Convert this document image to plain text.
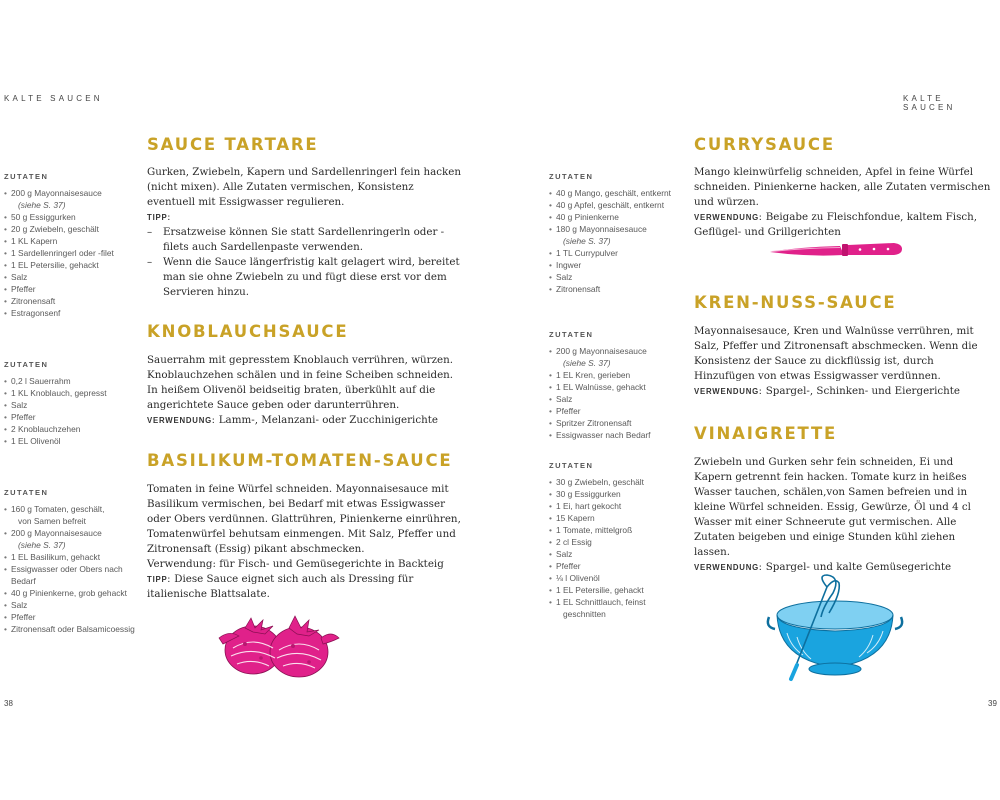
KALTE SAUCEN
38
ZUTATEN
• 200 g Mayonnaisesauce
(siehe S. 37)
• 50 g Essiggurken
• 20 g Zwiebeln, geschält
• 1 KL Kapern
• 1 Sardellenringerl oder -filet
• 1 EL Petersilie, gehackt
• Salz
• Pfeffer
• Zitronensaft
• Estragonsenf
ZUTATEN
• 0,2 l Sauerrahm
• 1 KL Knoblauch, gepresst
• Salz
• Pfeffer
• 2 Knoblauchzehen
• 1 EL Olivenöl
ZUTATEN
• 160 g Tomaten, geschält,
von Samen befreit
• 200 g Mayonnaisesauce
(siehe S. 37)
• 1 EL Basilikum, gehackt
• Essigwasser oder Obers nach
Bedarf
• 40 g Pinienkerne, grob gehackt
• Salz
• Pfeffer
• Zitronensaft oder Balsamicoessig
SAUCE TARTARE

Gurken, Zwiebeln, Kapern und Sardellenringerl fein hacken (nicht mixen). Alle Zutaten vermischen, Konsistenz eventuell mit Essigwasser regulieren.

TIPP:

– Ersatzweise können Sie statt Sardellenringerln oder -filets auch Sardellenpaste verwenden.

– Wenn die Sauce längerfristig kalt gelagert wird, bereitet man sie ohne Zwiebeln zu und fügt diese erst vor dem Servieren hinzu.

KNOBLAUCHSAUCE

Sauerrahm mit gepresstem Knoblauch verrühren, würzen. Knoblauchzehen schälen und in feine Scheiben schneiden. In heißem Olivenöl beidseitig braten, überkühlt auf die angerichtete Sauce geben oder darunterrühren.

VERWENDUNG: Lamm-, Melanzani- oder Zucchinigerichte

BASILIKUM-TOMATEN-SAUCE

Tomaten in feine Würfel schneiden. Mayonnaisesauce mit Basilikum vermischen, bei Bedarf mit etwas Essigwasser oder Obers verdünnen. Glattrühren, Pinienkerne einrühren, Tomatenwürfel behutsam einmengen. Mit Salz, Pfeffer und Zitronensaft (Essig) pikant abschmecken.

Verwendung: für Fisch- und Gemüsegerichte in Backteig

TIPP: Diese Sauce eignet sich auch als Dressing für italienische Blattsalate.

KALTE SAUCEN
39
ZUTATEN
• 40 g Mango, geschält, entkernt
• 40 g Apfel, geschält, entkernt
• 40 g Pinienkerne
• 180 g Mayonnaisesauce
(siehe S. 37)
• 1 TL Currypulver
• Ingwer
• Salz
• Zitronensaft
ZUTATEN
• 200 g Mayonnaisesauce
(siehe S. 37)
• 1 EL Kren, gerieben
• 1 EL Walnüsse, gehackt
• Salz
• Pfeffer
• Spritzer Zitronensaft
• Essigwasser nach Bedarf
ZUTATEN
• 30 g Zwiebeln, geschält
• 30 g Essiggurken
• 1 Ei, hart gekocht
• 15 Kapern
• 1 Tomate, mittelgroß
• 2 cl Essig
• Salz
• Pfeffer
• ⅛ l Olivenöl
• 1 EL Petersilie, gehackt
• 1 EL Schnittlauch, feinst
geschnitten
CURRYSAUCE

Mango kleinwürfelig schneiden, Apfel in feine Würfel schneiden. Pinienkerne hacken, alle Zutaten vermischen und würzen.

VERWENDUNG: Beigabe zu Fleischfondue, kaltem Fisch, Geflügel- und Grillgerichten

KREN-NUSS-SAUCE

Mayonnaisesauce, Kren und Walnüsse verrühren, mit Salz, Pfeffer und Zitronensaft abschmecken. Wenn die Konsistenz der Sauce zu dickflüssig ist, durch Hinzufügen von etwas Essigwasser verdünnen.

VERWENDUNG: Spargel-, Schinken- und Eiergerichte

VINAIGRETTE

Zwiebeln und Gurken sehr fein schneiden, Ei und Kapern getrennt fein hacken. Tomate kurz in heißes Wasser tauchen, schälen,von Samen befreien und in kleine Würfel schneiden. Essig, Gewürze, Öl und 4 cl Wasser mit einer Schneerute gut vermischen. Alle Zutaten beigeben und einige Stunden kühl ziehen lassen.

VERWENDUNG: Spargel- und kalte Gemüsegerichte
